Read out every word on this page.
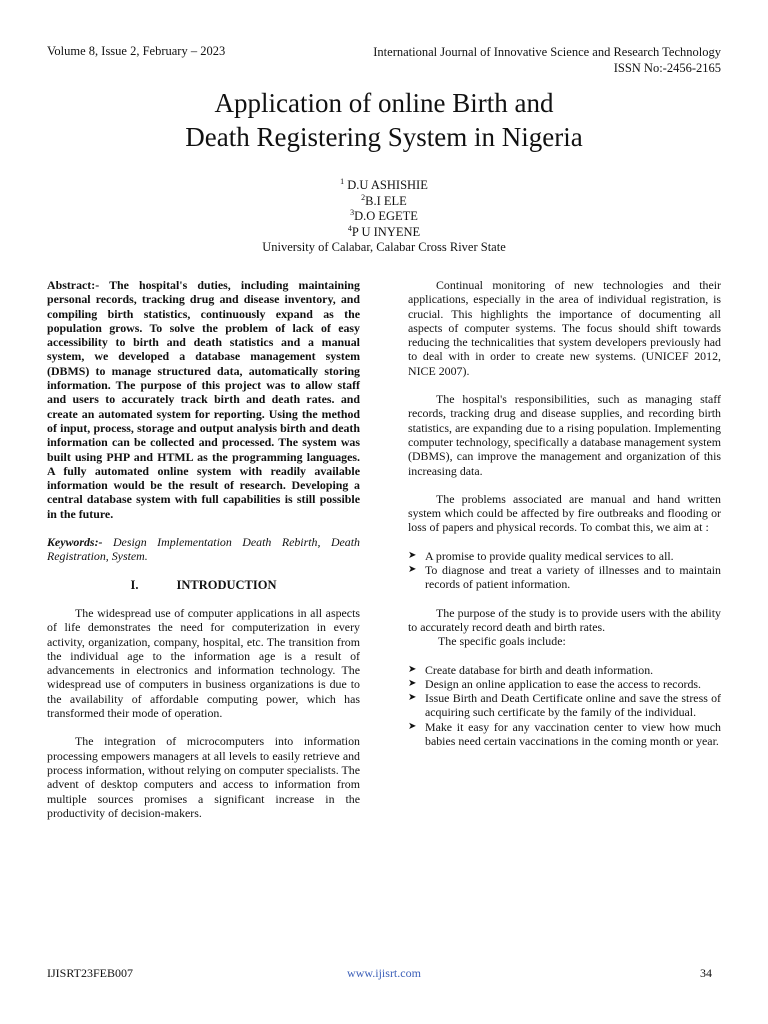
Volume 8, Issue 2, February – 2023	International Journal of Innovative Science and Research Technology
ISSN No:-2456-2165
Application of online Birth and
Death Registering System in Nigeria
$^1$ D.U ASHISHIE
$^2$B.I ELE
$^3$D.O EGETE
$^4$P U INYENE
University of Calabar, Calabar Cross River State

Abstract:- The hospital's duties, including maintaining personal records, tracking drug and disease inventory, and compiling birth statistics, continuously expand as the population grows. To solve the problem of lack of easy accessibility to birth and death statistics and a manual system, we developed a database management system (DBMS) to manage structured data, automatically storing information. The purpose of this project was to allow staff and users to accurately track birth and death rates. and create an automated system for reporting. Using the method of input, process, storage and output analysis birth and death information can be collected and processed. The system was built using PHP and HTML as the programming languages. A fully automated online system with readily available information would be the result of research. Developing a central database system with full capabilities is still possible in the future.

Keywords:- Design Implementation Death Rebirth, Death Registration, System.

I.	INTRODUCTION

The widespread use of computer applications in all aspects of life demonstrates the need for computerization in every activity, organization, company, hospital, etc. The transition from the individual age to the information age is a result of advancements in electronics and information technology. The widespread use of computers in business organizations is due to the availability of affordable computing power, which has transformed their mode of operation.

The integration of microcomputers into information processing empowers managers at all levels to easily retrieve and process information, without relying on computer specialists. The advent of desktop computers and access to information from multiple sources promises a significant increase in the productivity of decision-makers.

Continual monitoring of new technologies and their applications, especially in the area of individual registration, is crucial. This highlights the importance of documenting all aspects of computer systems. The focus should shift towards reducing the technicalities that system developers previously had to deal with in order to create new systems. (UNICEF 2012, NICE 2007).

The hospital's responsibilities, such as managing staff records, tracking drug and disease supplies, and recording birth statistics, are expanding due to a rising population. Implementing computer technology, specifically a database management system (DBMS), can improve the management and organization of this increasing data.

The problems associated are manual and hand written system which could be affected by fire outbreaks and flooding or loss of papers and physical records. To combat this, we aim at :

➤ A promise to provide quality medical services to all.
➤ To diagnose and treat a variety of illnesses and to maintain records of patient information.

The purpose of the study is to provide users with the ability to accurately record death and birth rates.

The specific goals include:

➤ Create database for birth and death information.
➤ Design an online application to ease the access to records.
➤ Issue Birth and Death Certificate online and save the stress of acquiring such certificate by the family of the individual.
➤ Make it easy for any vaccination center to view how much babies need certain vaccinations in the coming month or year.
IJISRT23FEB007	www.ijisrt.com	34
